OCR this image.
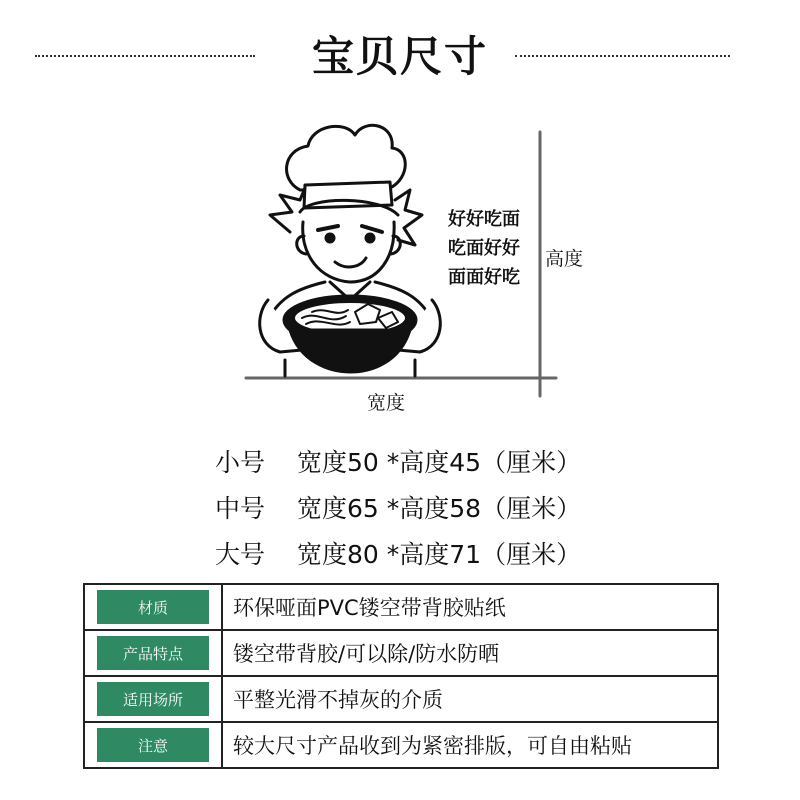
宝贝尺寸
好好吃面
吃面好好
面面好吃
高度
宽度
小号 宽度50 *高度45（厘米）
中号 宽度65 *高度58（厘米）
大号 宽度80 *高度71（厘米）
材质	环保哑面PVC镂空带背胶贴纸
产品特点	镂空带背胶/可以除/防水防晒
适用场所	平整光滑不掉灰的介质
注意	较大尺寸产品收到为紧密排版，可自由粘贴
